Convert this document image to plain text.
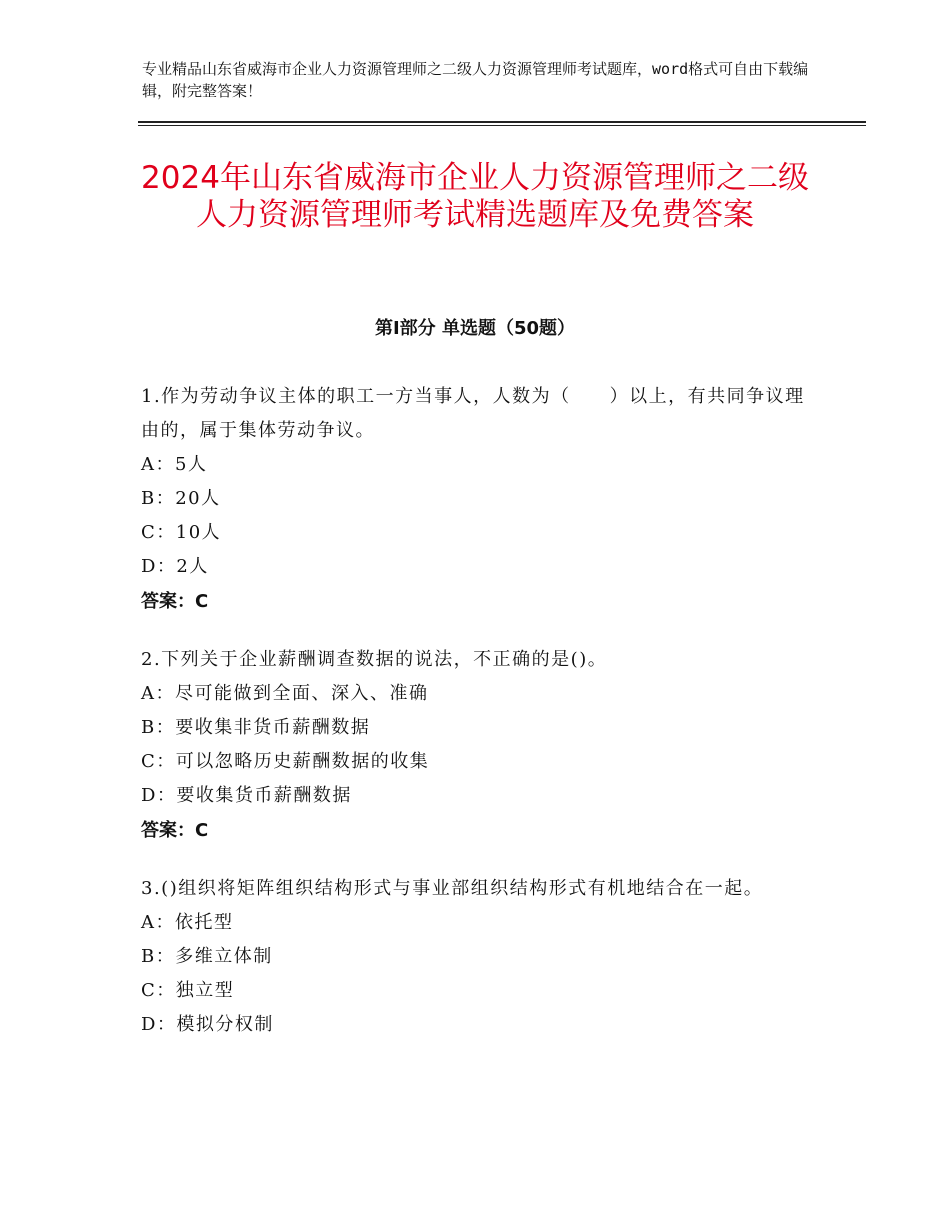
专业精品山东省威海市企业人力资源管理师之二级人力资源管理师考试题库，word格式可自由下载编辑，附完整答案！
2024年山东省威海市企业人力资源管理师之二级人力资源管理师考试精选题库及免费答案
第Ⅰ部分 单选题（50题）
1.作为劳动争议主体的职工一方当事人，人数为（　　）以上，有共同争议理由的，属于集体劳动争议。
A：5人
B：20人
C：10人
D：2人
答案：C
2.下列关于企业薪酬调查数据的说法，不正确的是()。
A：尽可能做到全面、深入、准确
B：要收集非货币薪酬数据
C：可以忽略历史薪酬数据的收集
D：要收集货币薪酬数据
答案：C
3.()组织将矩阵组织结构形式与事业部组织结构形式有机地结合在一起。
A：依托型
B：多维立体制
C：独立型
D：模拟分权制
